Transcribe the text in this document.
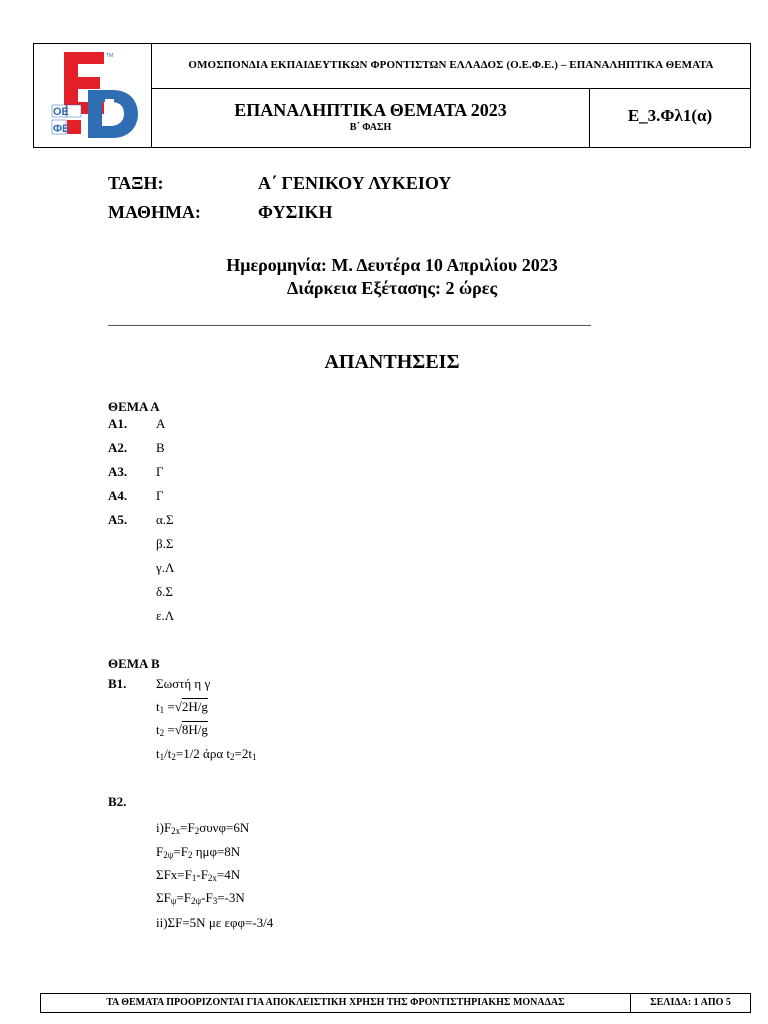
TM
ΟΕ
ΦΕ
ΟΜΟΣΠΟΝΔΙΑ ΕΚΠΑΙΔΕΥΤΙΚΩΝ ΦΡΟΝΤΙΣΤΩΝ ΕΛΛΑΔΟΣ (Ο.Ε.Φ.Ε.) – ΕΠΑΝΑΛΗΠΤΙΚΑ ΘΕΜΑΤΑ
ΕΠΑΝΑΛΗΠΤΙΚΑ ΘΕΜΑΤΑ 2023
Β΄ ΦΑΣΗ
Ε_3.Φλ1(α)
ΤΑΞΗ:	Α΄ ΓΕΝΙΚΟΥ ΛΥΚΕΙΟΥ
ΜΑΘΗΜΑ:	ΦΥΣΙΚΗ
Ημερομηνία: Μ. Δευτέρα 10 Απριλίου 2023
Διάρκεια Εξέτασης: 2 ώρες
_____________________________________________________________________
ΑΠΑΝΤΗΣΕΙΣ
ΘΕΜΑ Α
Α1. Α
Α2. Β
Α3. Γ
Α4. Γ
Α5. α.Σ
β.Σ
γ.Λ
δ.Σ
ε.Λ
ΘΕΜΑ Β
Β1. Σωστή η γ
$t_1 =√2H/g$
$t_2 =√8H/g$
$t_1/t_2=1/2$ άρα $t_2=2t_1$
Β2.
$i)F_{2x}=F_2\sigma\upsilon\nu\varphi=6N$
$F_{2\psi}=F_2$ ημφ=8N
$\Sigma Fx=F_1-F_{2x}=4N$
$\Sigma F_\psi=F_{2\psi}-F_3=-3N$
ii)ΣF=5N με εφφ=-3/4
ΤΑ ΘΕΜΑΤΑ ΠΡΟΟΡΙΖΟΝΤΑΙ ΓΙΑ ΑΠΟΚΛΕΙΣΤΙΚΗ ΧΡΗΣΗ ΤΗΣ ΦΡΟΝΤΙΣΤΗΡΙΑΚΗΣ ΜΟΝΑΔΑΣ	ΣΕΛΙΔΑ: 1 ΑΠΟ 5
